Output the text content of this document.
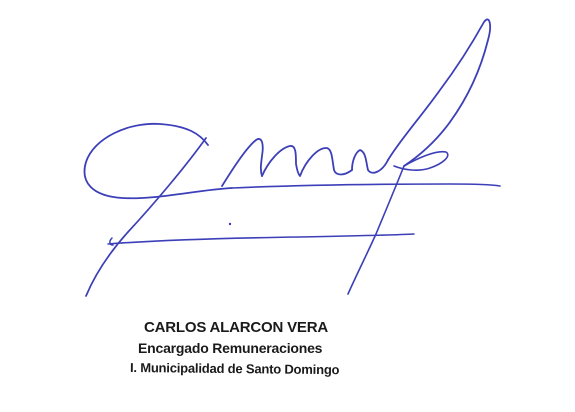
CARLOS ALARCON VERA
Encargado Remuneraciones
I. Municipalidad de Santo Domingo
